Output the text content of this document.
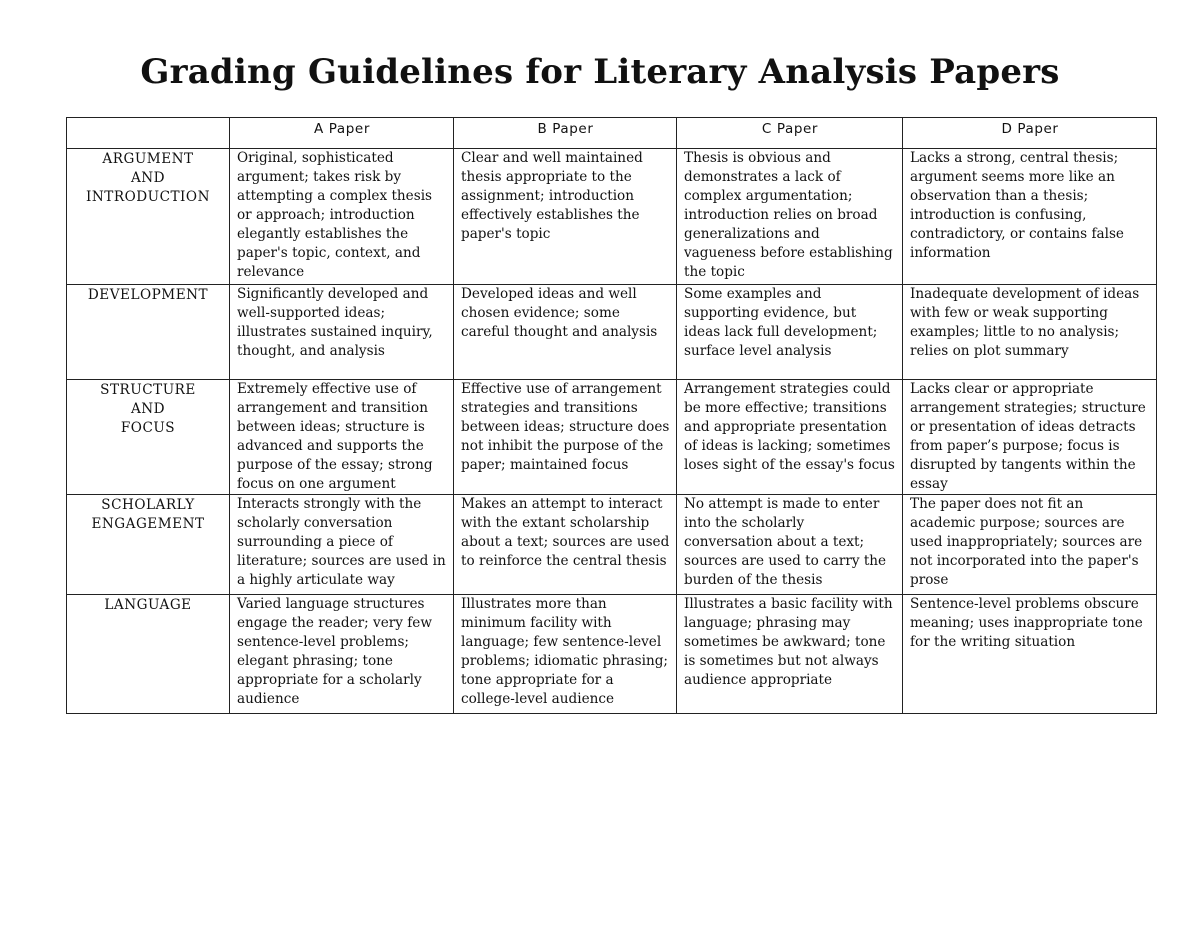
Grading Guidelines for Literary Analysis Papers
	A Paper	B Paper	C Paper	D Paper
ARGUMENT
AND
INTRODUCTION	Original, sophisticated argument; takes risk by attempting a complex thesis or approach; introduction elegantly establishes the paper's topic, context, and relevance	Clear and well maintained thesis appropriate to the assignment; introduction effectively establishes the paper's topic	Thesis is obvious and demonstrates a lack of complex argumentation; introduction relies on broad generalizations and vagueness before establishing the topic	Lacks a strong, central thesis; argument seems more like an observation than a thesis; introduction is confusing, contradictory, or contains false information
DEVELOPMENT	Significantly developed and well-supported ideas; illustrates sustained inquiry, thought, and analysis	Developed ideas and well chosen evidence; some careful thought and analysis	Some examples and supporting evidence, but ideas lack full development; surface level analysis	Inadequate development of ideas with few or weak supporting examples; little to no analysis; relies on plot summary
STRUCTURE
AND
FOCUS	Extremely effective use of arrangement and transition between ideas; structure is advanced and supports the purpose of the essay; strong focus on one argument	Effective use of arrangement strategies and transitions between ideas; structure does not inhibit the purpose of the paper; maintained focus	Arrangement strategies could be more effective; transitions and appropriate presentation of ideas is lacking; sometimes loses sight of the essay's focus	Lacks clear or appropriate arrangement strategies; structure or presentation of ideas detracts from paper’s purpose; focus is disrupted by tangents within the essay
SCHOLARLY
ENGAGEMENT	Interacts strongly with the scholarly conversation surrounding a piece of literature; sources are used in a highly articulate way	Makes an attempt to interact with the extant scholarship about a text; sources are used to reinforce the central thesis	No attempt is made to enter into the scholarly conversation about a text; sources are used to carry the burden of the thesis	The paper does not fit an academic purpose; sources are used inappropriately; sources are not incorporated into the paper's prose
LANGUAGE	Varied language structures engage the reader; very few sentence-level problems; elegant phrasing; tone appropriate for a scholarly audience	Illustrates more than minimum facility with language; few sentence-level problems; idiomatic phrasing; tone appropriate for a college-level audience	Illustrates a basic facility with language; phrasing may sometimes be awkward; tone is sometimes but not always audience appropriate	Sentence-level problems obscure meaning; uses inappropriate tone for the writing situation
